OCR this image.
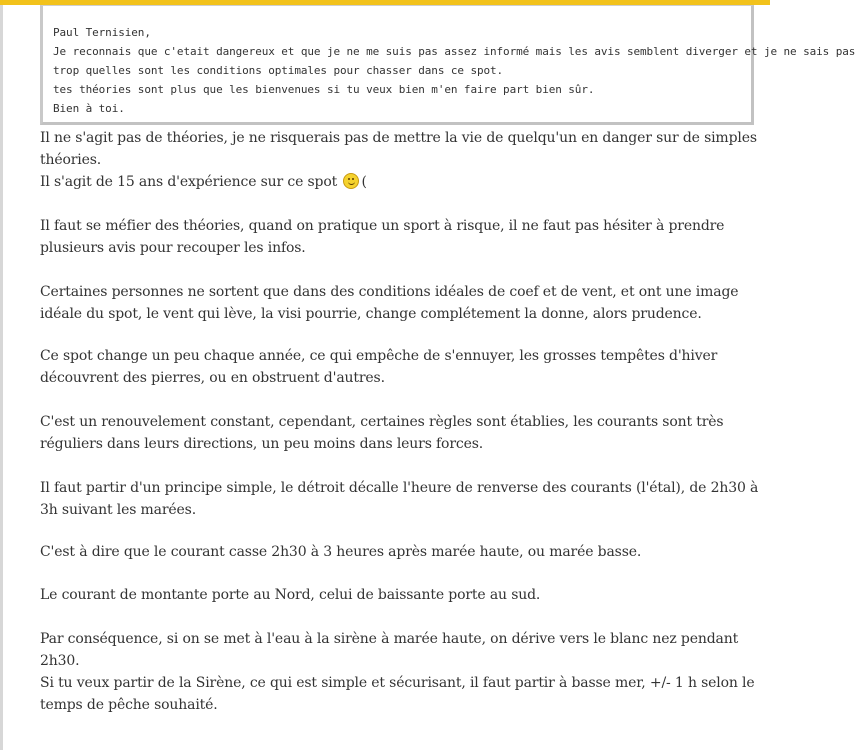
Paul Ternisien,
Je reconnais que c'etait dangereux et que je ne me suis pas assez informé mais les avis semblent diverger et je ne sais pas
trop quelles sont les conditions optimales pour chasser dans ce spot.
tes théories sont plus que les bienvenues si tu veux bien m'en faire part bien sûr.
Bien à toi.
Il ne s'agit pas de théories, je ne risquerais pas de mettre la vie de quelqu'un en danger sur de simples théories.
Il s'agit de 15 ans d'expérience sur ce spot (
Il faut se méfier des théories, quand on pratique un sport à risque, il ne faut pas hésiter à prendre plusieurs avis pour recouper les infos.
Certaines personnes ne sortent que dans des conditions idéales de coef et de vent, et ont une image idéale du spot, le vent qui lève, la visi pourrie, change complétement la donne, alors prudence.
Ce spot change un peu chaque année, ce qui empêche de s'ennuyer, les grosses tempêtes d'hiver découvrent des pierres, ou en obstruent d'autres.
C'est un renouvelement constant, cependant, certaines règles sont établies, les courants sont très réguliers dans leurs directions, un peu moins dans leurs forces.
Il faut partir d'un principe simple, le détroit décalle l'heure de renverse des courants (l'étal), de 2h30 à 3h suivant les marées.
C'est à dire que le courant casse 2h30 à 3 heures après marée haute, ou marée basse.
Le courant de montante porte au Nord, celui de baissante porte au sud.
Par conséquence, si on se met à l'eau à la sirène à marée haute, on dérive vers le blanc nez pendant 2h30.
Si tu veux partir de la Sirène, ce qui est simple et sécurisant, il faut partir à basse mer, +/- 1 h selon le temps de pêche souhaité.
